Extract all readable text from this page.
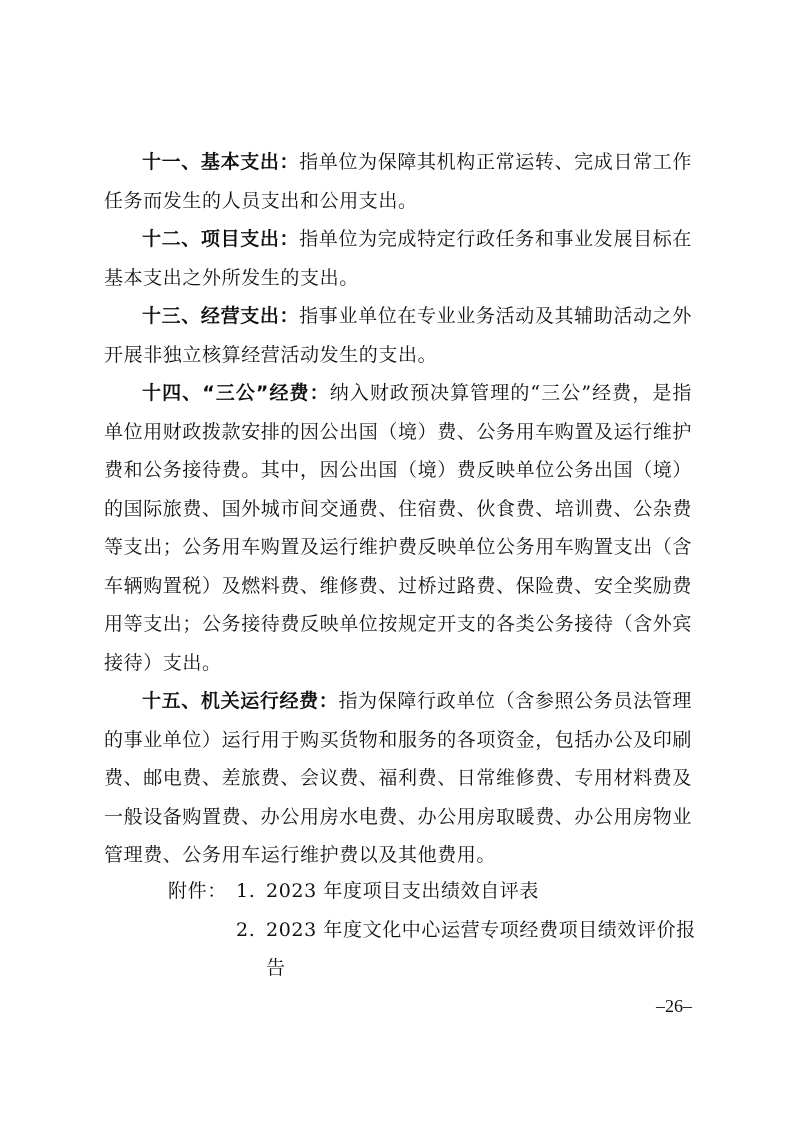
十一、基本支出：指单位为保障其机构正常运转、完成日常工作任务而发生的人员支出和公用支出。

十二、项目支出：指单位为完成特定行政任务和事业发展目标在基本支出之外所发生的支出。

十三、经营支出：指事业单位在专业业务活动及其辅助活动之外开展非独立核算经营活动发生的支出。

十四、“三公”经费：纳入财政预决算管理的“三公”经费，是指单位用财政拨款安排的因公出国（境）费、公务用车购置及运行维护费和公务接待费。其中，因公出国（境）费反映单位公务出国（境）的国际旅费、国外城市间交通费、住宿费、伙食费、培训费、公杂费等支出；公务用车购置及运行维护费反映单位公务用车购置支出（含车辆购置税）及燃料费、维修费、过桥过路费、保险费、安全奖励费用等支出；公务接待费反映单位按规定开支的各类公务接待（含外宾接待）支出。

十五、机关运行经费：指为保障行政单位（含参照公务员法管理的事业单位）运行用于购买货物和服务的各项资金，包括办公及印刷费、邮电费、差旅费、会议费、福利费、日常维修费、专用材料费及一般设备购置费、办公用房水电费、办公用房取暖费、办公用房物业管理费、公务用车运行维护费以及其他费用。

附件： 1. 2023 年度项目支出绩效自评表
2. 2023 年度文化中心运营专项经费项目绩效评价报告
–26–
